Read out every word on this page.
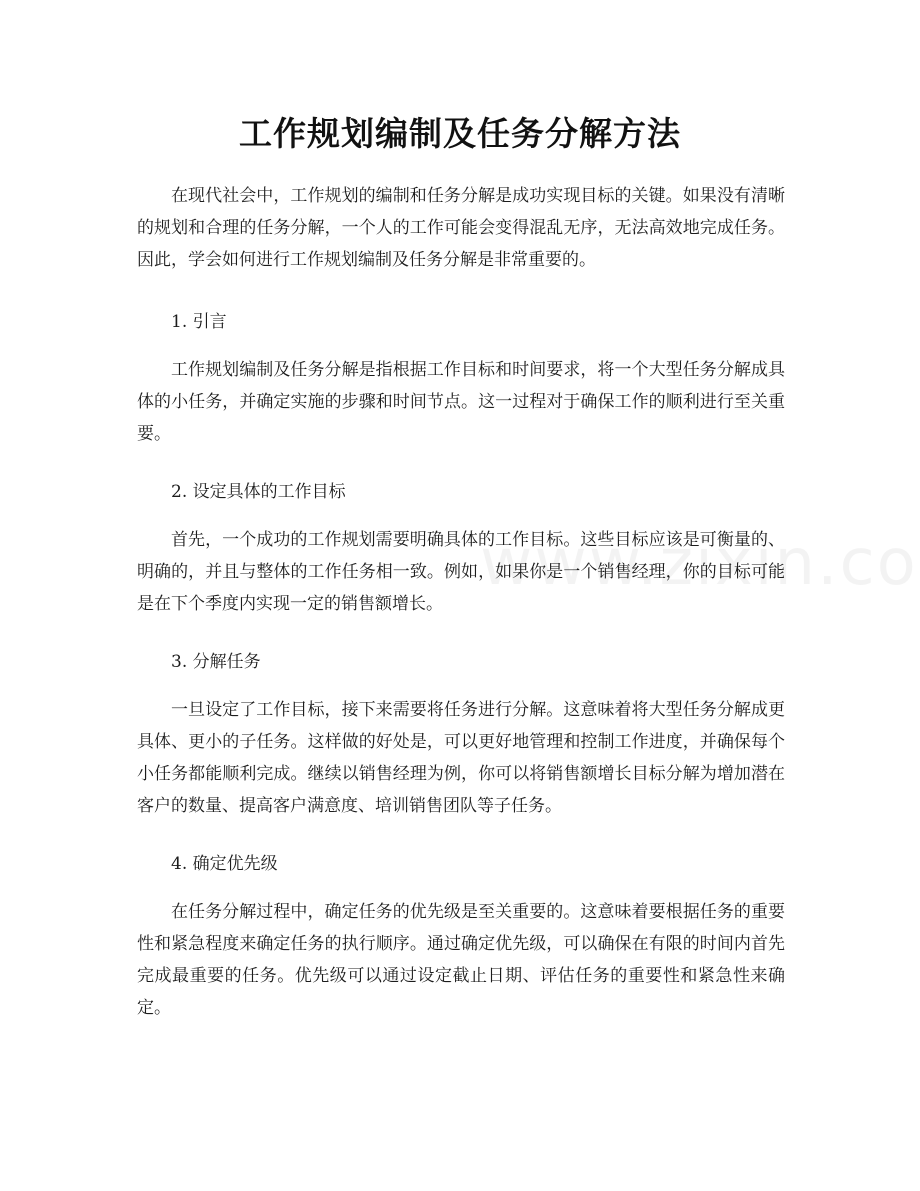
工作规划编制及任务分解方法

在现代社会中，工作规划的编制和任务分解是成功实现目标的关键。如果没有清晰的规划和合理的任务分解，一个人的工作可能会变得混乱无序，无法高效地完成任务。因此，学会如何进行工作规划编制及任务分解是非常重要的。

1. 引言

工作规划编制及任务分解是指根据工作目标和时间要求，将一个大型任务分解成具体的小任务，并确定实施的步骤和时间节点。这一过程对于确保工作的顺利进行至关重要。

2. 设定具体的工作目标

首先，一个成功的工作规划需要明确具体的工作目标。这些目标应该是可衡量的、明确的，并且与整体的工作任务相一致。例如，如果你是一个销售经理，你的目标可能是在下个季度内实现一定的销售额增长。

3. 分解任务

一旦设定了工作目标，接下来需要将任务进行分解。这意味着将大型任务分解成更具体、更小的子任务。这样做的好处是，可以更好地管理和控制工作进度，并确保每个小任务都能顺利完成。继续以销售经理为例，你可以将销售额增长目标分解为增加潜在客户的数量、提高客户满意度、培训销售团队等子任务。

4. 确定优先级

在任务分解过程中，确定任务的优先级是至关重要的。这意味着要根据任务的重要性和紧急程度来确定任务的执行顺序。通过确定优先级，可以确保在有限的时间内首先完成最重要的任务。优先级可以通过设定截止日期、评估任务的重要性和紧急性来确定。
